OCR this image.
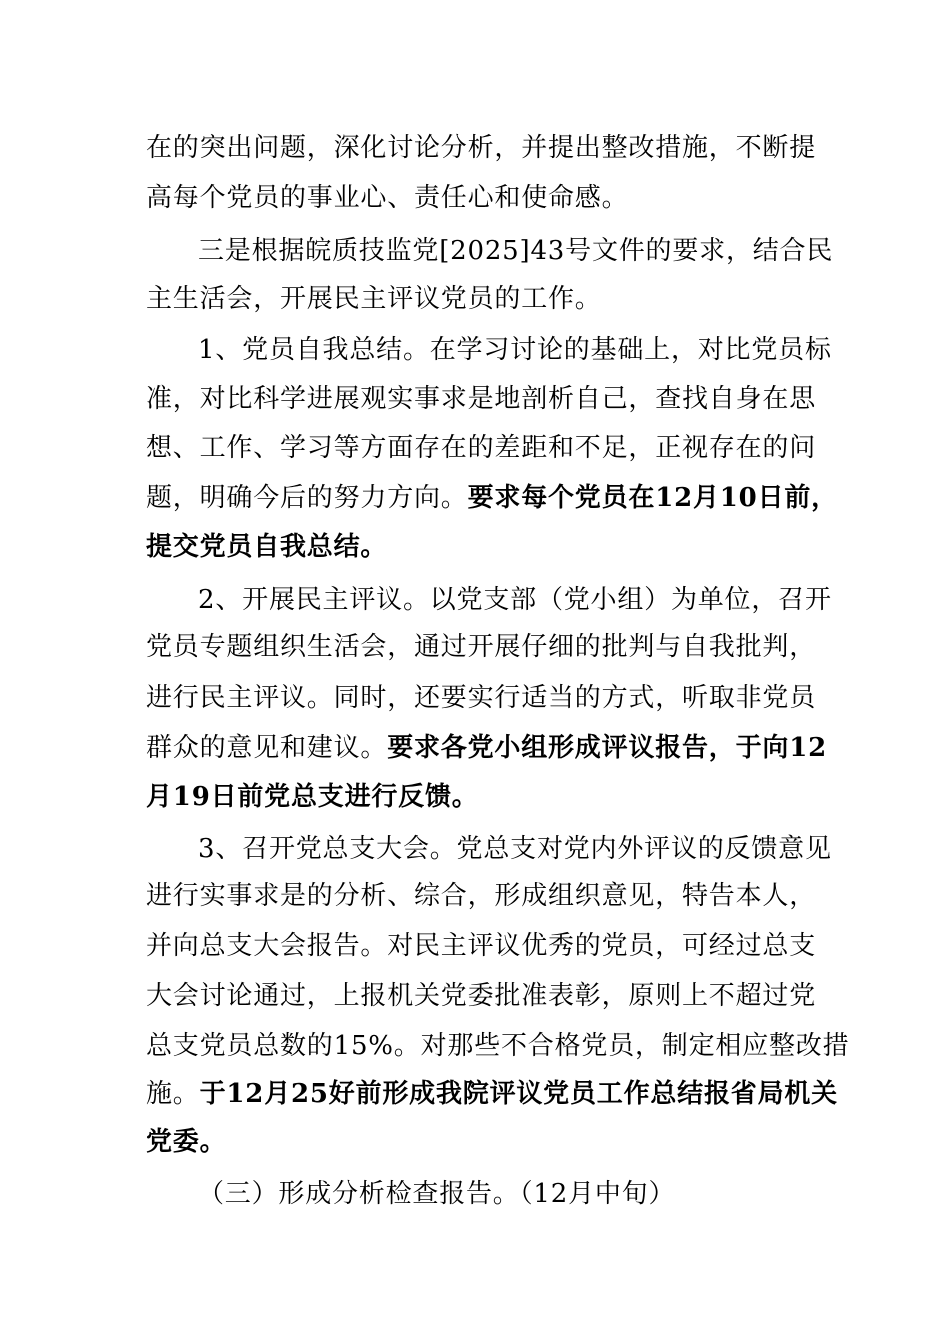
在的突出问题，深化讨论分析，并提出整改措施，不断提
高每个党员的事业心、责任心和使命感。
三是根据皖质技监党[2025]43号文件的要求，结合民
主生活会，开展民主评议党员的工作。
1、党员自我总结。在学习讨论的基础上，对比党员标
准，对比科学进展观实事求是地剖析自己，查找自身在思
想、工作、学习等方面存在的差距和不足，正视存在的问
题，明确今后的努力方向。要求每个党员在12月10日前，
提交党员自我总结。
2、开展民主评议。以党支部（党小组）为单位，召开
党员专题组织生活会，通过开展仔细的批判与自我批判，
进行民主评议。同时，还要实行适当的方式，听取非党员
群众的意见和建议。要求各党小组形成评议报告，于向12
月19日前党总支进行反馈。
3、召开党总支大会。党总支对党内外评议的反馈意见
进行实事求是的分析、综合，形成组织意见，特告本人，
并向总支大会报告。对民主评议优秀的党员，可经过总支
大会讨论通过，上报机关党委批准表彰，原则上不超过党
总支党员总数的15%。对那些不合格党员，制定相应整改措
施。于12月25好前形成我院评议党员工作总结报省局机关
党委。
（三）形成分析检查报告。（12月中旬）
